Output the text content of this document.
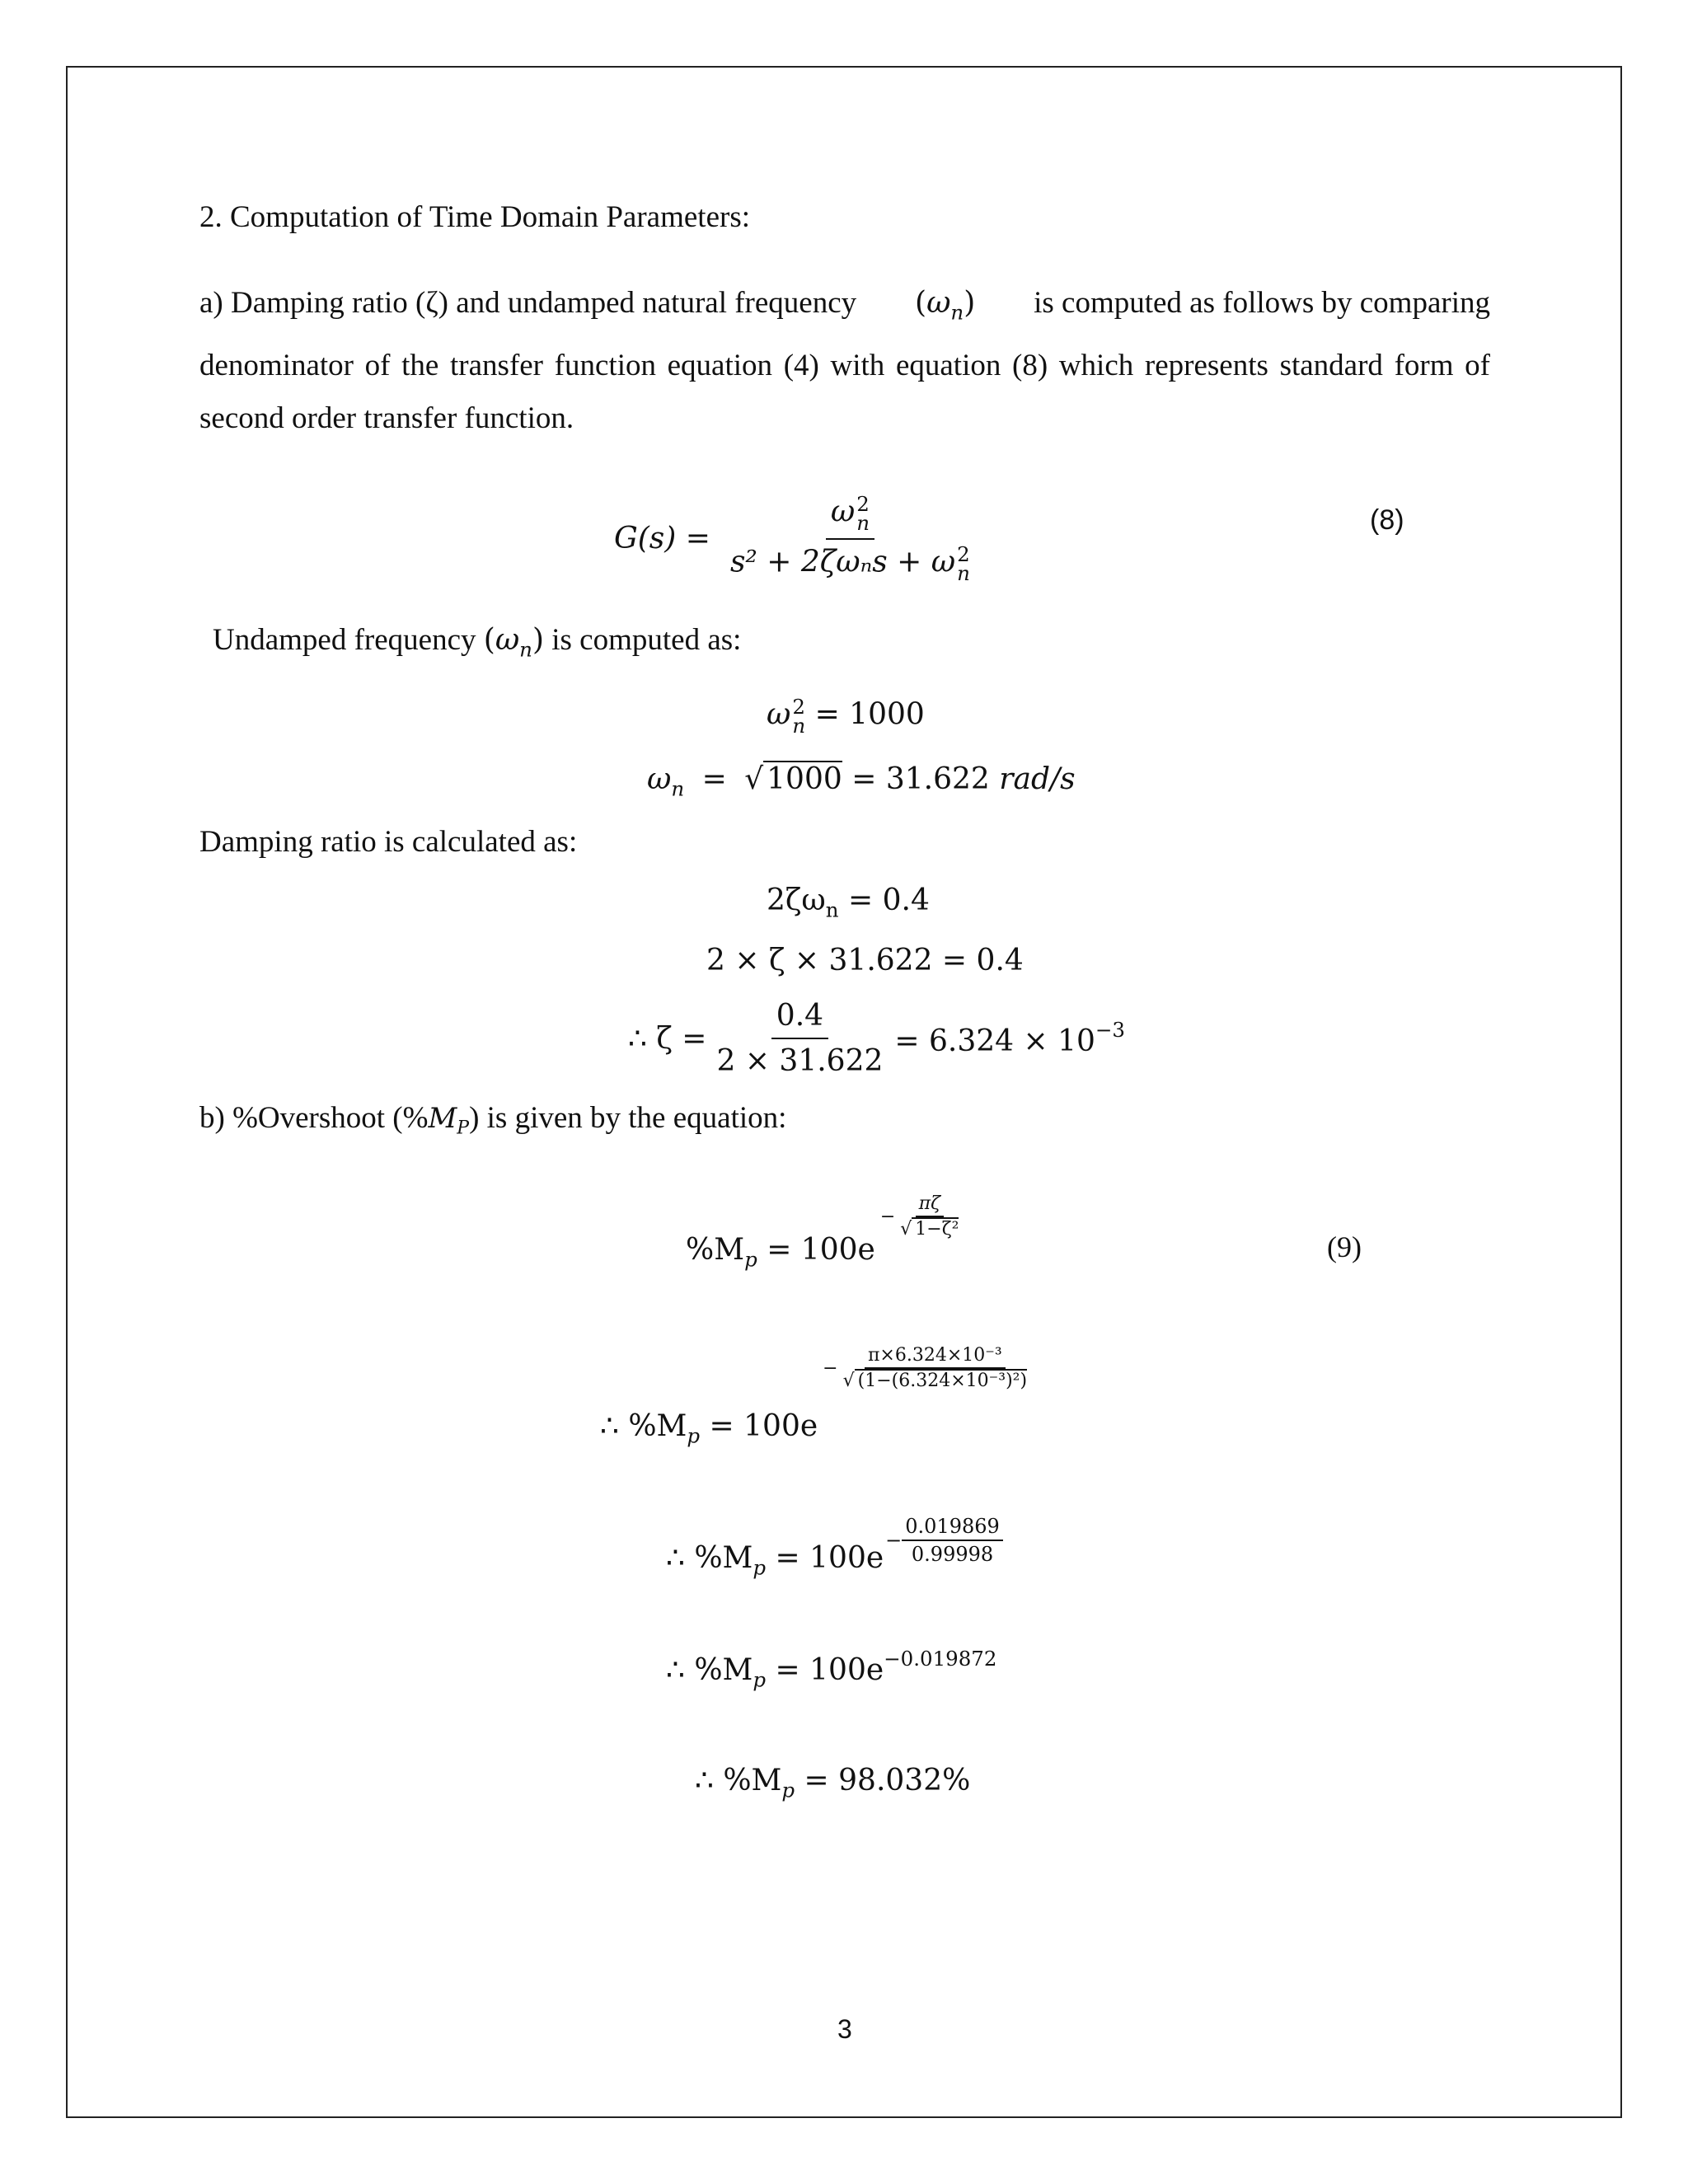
2. Computation of Time Domain Parameters:
a) Damping ratio (ζ) and undamped natural frequency $(\omega_n)$ is computed as follows by comparing
denominator of the transfer function equation (4) with equation (8) which represents standard form of
second order transfer function.
G(s) = ω 2
n
s² + 2ζωₙs + ω 2
n	(8)
Undamped frequency $(\omega_n)$ is computed as:
ω 2
n = 1000
$\omega_n$ = √ 1000 = 31.622 rad/s
Damping ratio is calculated as:
$2\zeta\omega_n = 0.4$
2 × ζ × 31.622 = 0.4
∴ $\zeta = \frac{0.4}{2 \times 31.622} = 6.324 \times 10^{-3}$
b) %Overshoot $(\%M_P)$ is given by the equation:
$\%M_p = 100e$
− $\frac{\pi\zeta}{\text{√ 1−ζ²}}$
(9)
∴ $\%M_p = 100e$
− $\frac{\text{π×6.324×10⁻³}}{\text{√ (1−(6.324×10⁻³)²)}}$
∴ $\%M_p = 100e$
− $\frac{0.019869}{0.99998}$
∴ $\%M_p = 100e^{-0.019872}$
∴ $\%M_p = 98.032\%$
3
